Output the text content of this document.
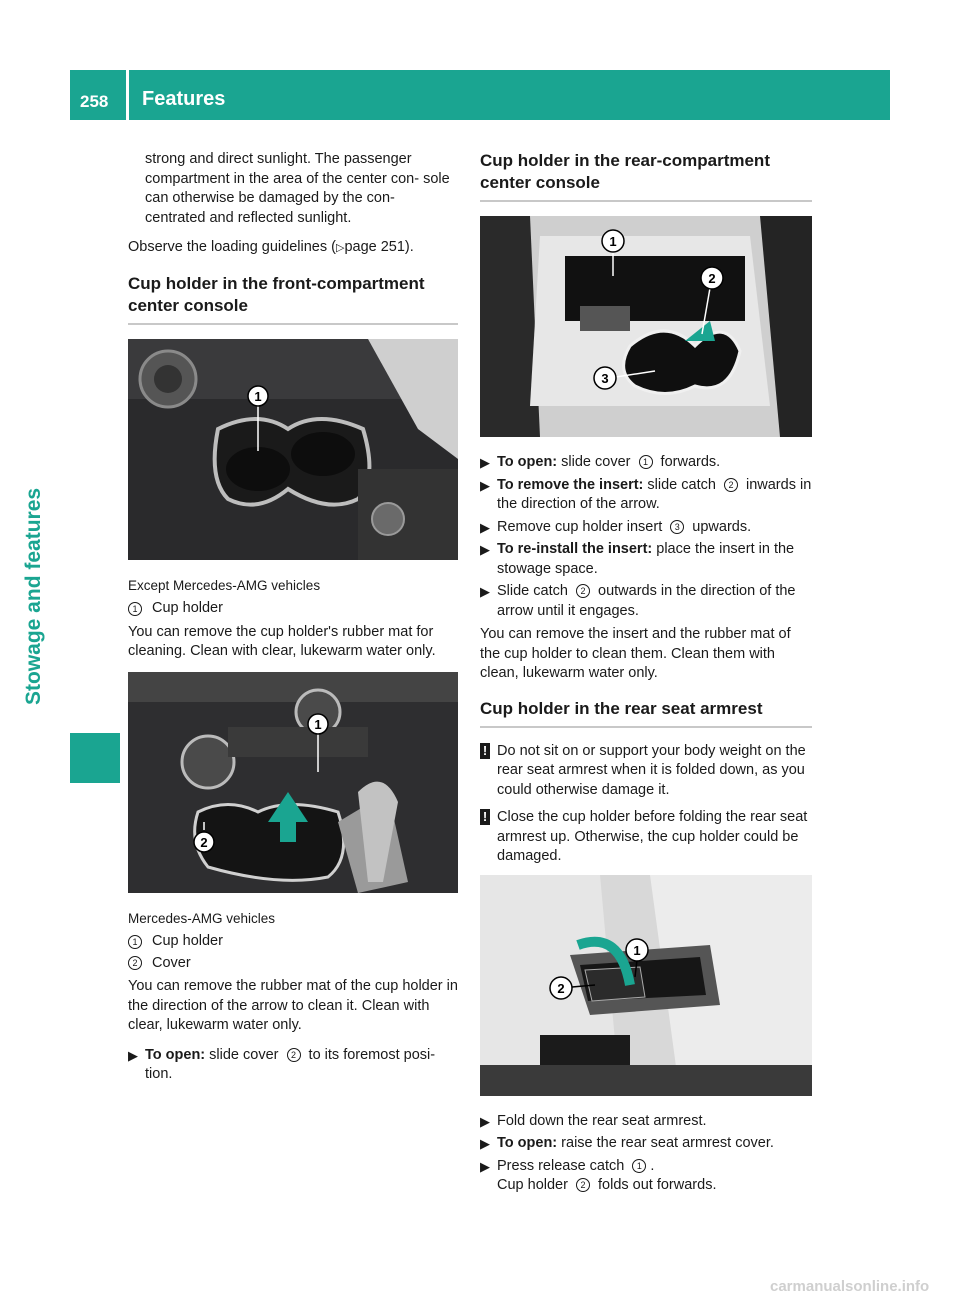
258 Features
Stowage and features

strong and direct sunlight. The passenger compartment in the area of the center con- sole can otherwise be damaged by the con- centrated and reflected sunlight.

Observe the loading guidelines (▷page 251).

Cup holder in the front-compartment center console
1
Except Mercedes-AMG vehicles
1	Cup holder

You can remove the cup holder's rubber mat for cleaning. Clean with clear, lukewarm water only.

1
2
Mercedes-AMG vehicles
1	Cup holder
2	Cover

You can remove the rubber mat of the cup holder in the direction of the arrow to clean it. Clean with clear, lukewarm water only.

▶ To open: slide cover 2 to its foremost posi- tion.
Cup holder in the rear-compartment center console
1
2
3
▶ To open: slide cover 1 forwards.
▶ To remove the insert: slide catch 2 inwards in the direction of the arrow.
▶ Remove cup holder insert 3 upwards.
▶ To re-install the insert: place the insert in the stowage space.
▶ Slide catch 2 outwards in the direction of the arrow until it engages.

You can remove the insert and the rubber mat of the cup holder to clean them. Clean them with clean, lukewarm water only.

Cup holder in the rear seat armrest
! Do not sit on or support your body weight on the rear seat armrest when it is folded down, as you could otherwise damage it.
! Close the cup holder before folding the rear seat armrest up. Otherwise, the cup holder could be damaged.
1
2
▶ Fold down the rear seat armrest.
▶ To open: raise the rear seat armrest cover.
▶ Press release catch 1 .
Cup holder 2 folds out forwards.
carmanualsonline.info
